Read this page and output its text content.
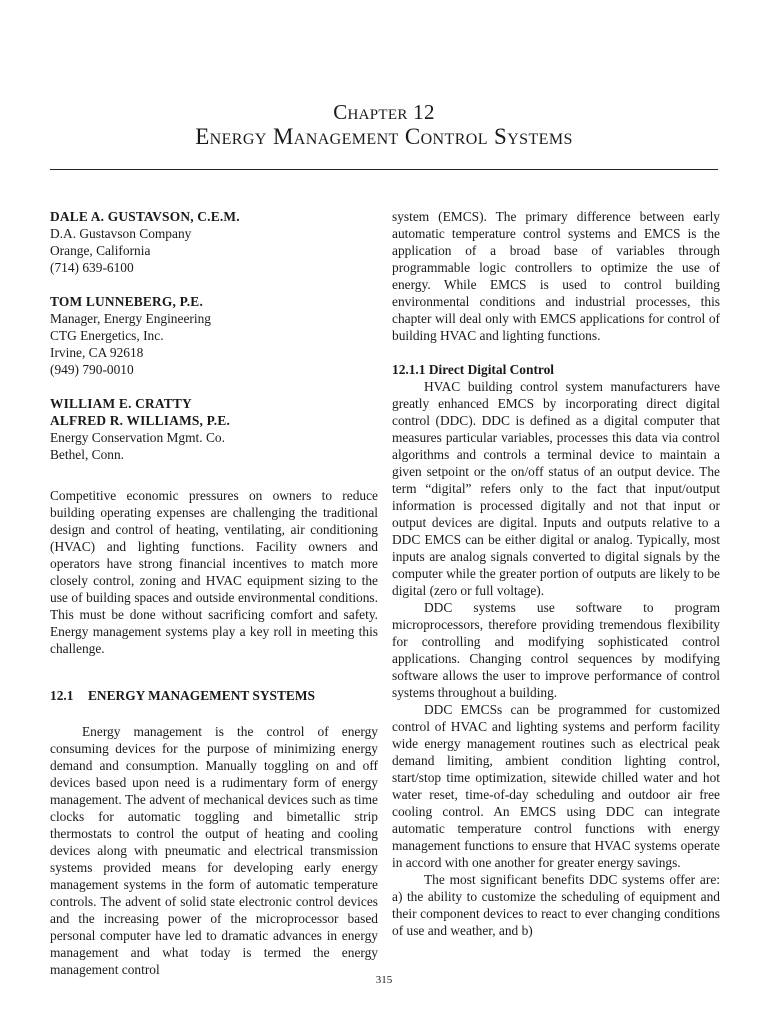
Chapter 12
Energy Management Control Systems
DALE A. GUSTAVSON, C.E.M.
D.A. Gustavson Company
Orange, California
(714) 639-6100
TOM LUNNEBERG, P.E.
Manager, Energy Engineering
CTG Energetics, Inc.
Irvine, CA 92618
(949) 790-0010
WILLIAM E. CRATTY
ALFRED R. WILLIAMS, P.E.
Energy Conservation Mgmt. Co.
Bethel, Conn.

Competitive economic pressures on owners to reduce building operating expenses are challenging the traditional design and control of heating, ventilating, air conditioning (HVAC) and lighting functions. Facility owners and operators have strong financial incentives to match more closely control, zoning and HVAC equipment sizing to the use of building spaces and outside environmental conditions. This must be done without sacrificing comfort and safety. Energy management systems play a key roll in meeting this challenge.

12.1 ENERGY MANAGEMENT SYSTEMS

Energy management is the control of energy consuming devices for the purpose of minimizing energy demand and consumption. Manually toggling on and off devices based upon need is a rudimentary form of energy management. The advent of mechanical devices such as time clocks for automatic toggling and bimetallic strip thermostats to control the output of heating and cooling devices along with pneumatic and electrical transmission systems provided means for developing early energy management systems in the form of automatic temperature controls. The advent of solid state electronic control devices and the increasing power of the microprocessor based personal computer have led to dramatic advances in energy management and what today is termed the energy management control

system (EMCS). The primary difference between early automatic temperature control systems and EMCS is the application of a broad base of variables through programmable logic controllers to optimize the use of energy. While EMCS is used to control building environmental conditions and industrial processes, this chapter will deal only with EMCS applications for control of building HVAC and lighting functions.

12.1.1 Direct Digital Control

HVAC building control system manufacturers have greatly enhanced EMCS by incorporating direct digital control (DDC). DDC is defined as a digital computer that measures particular variables, processes this data via control algorithms and controls a terminal device to maintain a given setpoint or the on/off status of an output device. The term “digital” refers only to the fact that input/output information is processed digitally and not that input or output devices are digital. Inputs and outputs relative to a DDC EMCS can be either digital or analog. Typically, most inputs are analog signals converted to digital signals by the computer while the greater portion of outputs are likely to be digital (zero or full voltage).

DDC systems use software to program microprocessors, therefore providing tremendous flexibility for controlling and modifying sophisticated control applications. Changing control sequences by modifying software allows the user to improve performance of control systems throughout a building.

DDC EMCSs can be programmed for customized control of HVAC and lighting systems and perform facility wide energy management routines such as electrical peak demand limiting, ambient condition lighting control, start/stop time optimization, sitewide chilled water and hot water reset, time-of-day scheduling and outdoor air free cooling control. An EMCS using DDC can integrate automatic temperature control functions with energy management functions to ensure that HVAC systems operate in accord with one another for greater energy savings.

The most significant benefits DDC systems offer are: a) the ability to customize the scheduling of equipment and their component devices to react to ever changing conditions of use and weather, and b)

315
